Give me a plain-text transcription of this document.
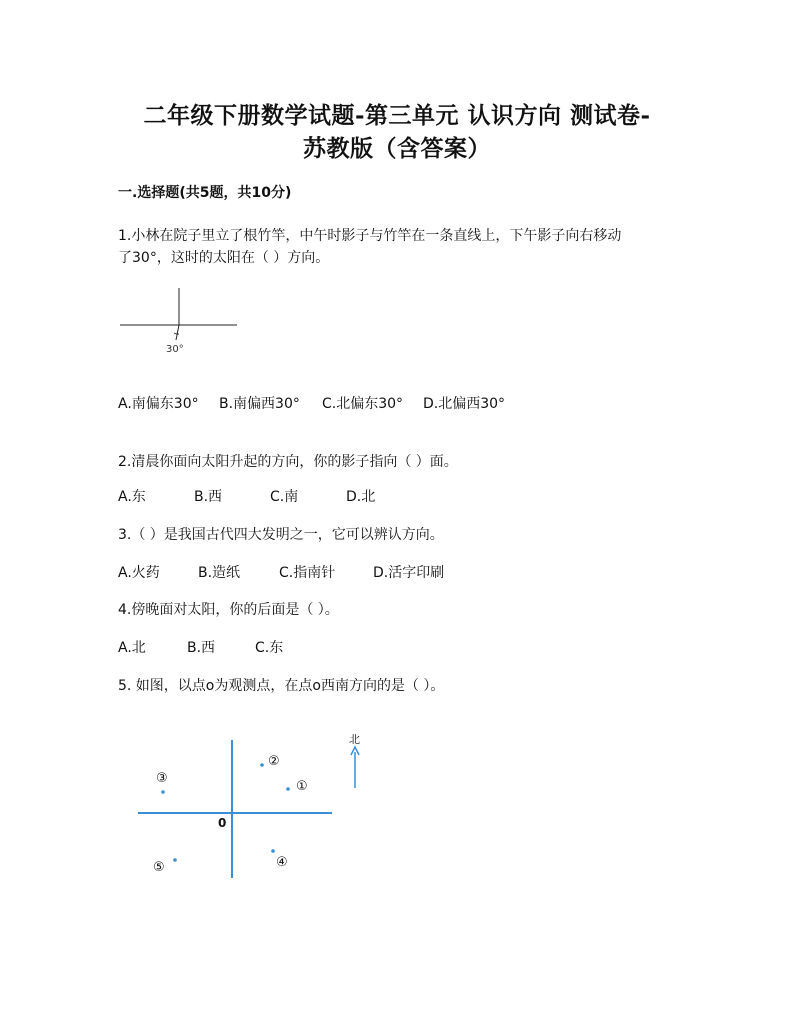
二年级下册数学试题-第三单元 认识方向 测试卷-
苏教版（含答案）
一.选择题(共5题，共10分)
1.小林在院子里立了根竹竿，中午时影子与竹竿在一条直线上，下午影子向右移动
了30°，这时的太阳在（ ）方向。
30°
A.南偏东30° B.南偏西30° C.北偏东30° D.北偏西30°
2.清晨你面向太阳升起的方向，你的影子指向（ ）面。
A.东	B.西	C.南	D.北
3.（ ）是我国古代四大发明之一，它可以辨认方向。
A.火药	B.造纸	C.指南针	D.活字印刷
4.傍晚面对太阳，你的后面是（ ）。
A.北	B.西	C.东
5. 如图，以点o为观测点，在点o西南方向的是（ ）。
0
北
①
②
③
④
⑤
